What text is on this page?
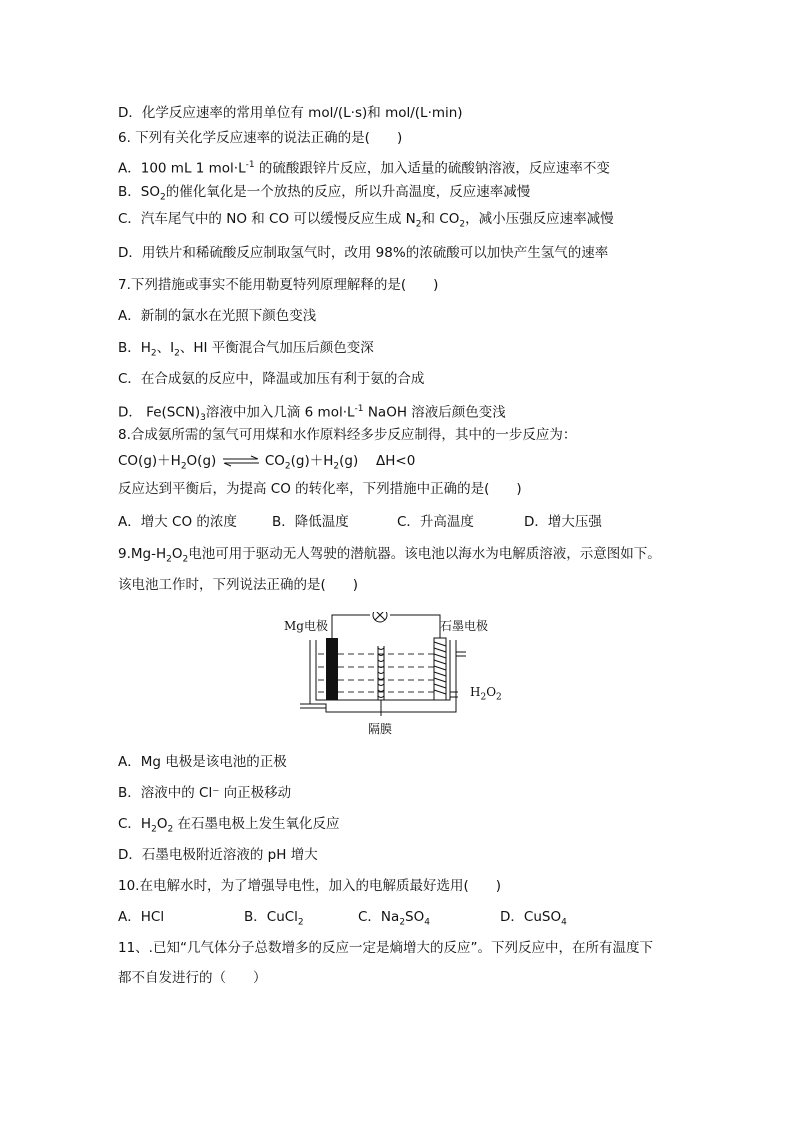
D．化学反应速率的常用单位有 mol/(L·s)和 mol/(L·min)
6. 下列有关化学反应速率的说法正确的是(　　)
A．100 mL 1 $mol\cdot L^{-1}$ 的硫酸跟锌片反应，加入适量的硫酸钠溶液，反应速率不变
B．$SO_2$的催化氧化是一个放热的反应，所以升高温度，反应速率减慢
C．汽车尾气中的 NO 和 CO 可以缓慢反应生成 $N_2$和 $CO_2$，减小压强反应速率减慢
D．用铁片和稀硫酸反应制取氢气时，改用 98%的浓硫酸可以加快产生氢气的速率
7.下列措施或事实不能用勒夏特列原理解释的是(　　)
A．新制的氯水在光照下颜色变浅
B．$H_2$、$I_2$、HI 平衡混合气加压后颜色变深
C．在合成氨的反应中，降温或加压有利于氨的合成
D． $Fe(SCN)_3$溶液中加入几滴 6 $mol\cdot L^{-1}$ NaOH 溶液后颜色变浅
8.合成氨所需的氢气可用煤和水作原料经多步反应制得，其中的一步反应为：
$CO(g)+H_2O(g)$ ⇌ $CO_2(g)+H_2(g)$　 ΔH<0
反应达到平衡后，为提高 CO 的转化率，下列措施中正确的是(　　)
A．增大 CO 的浓度	B．降低温度	C．升高温度	D．增大压强
$9.Mg-H_2O_2$电池可用于驱动无人驾驶的潜航器。该电池以海水为电解质溶液，示意图如下。
该电池工作时，下列说法正确的是(　　)
Mg电极	石墨电极
$H_2O_2$
隔膜
A．Mg 电极是该电池的正极
B．溶液中的 Cl⁻ 向正极移动
C．$H_2O_2$ 在石墨电极上发生氧化反应
D．石墨电极附近溶液的 pH 增大
10.在电解水时，为了增强导电性，加入的电解质最好选用(　　)
A．HCl	B．CuCl$_2$	C．$Na_2SO_4$	D．CuSO$_4$
11、.已知“几气体分子总数增多的反应一定是熵增大的反应”。下列反应中，在所有温度下
都不自发进行的（　　）
